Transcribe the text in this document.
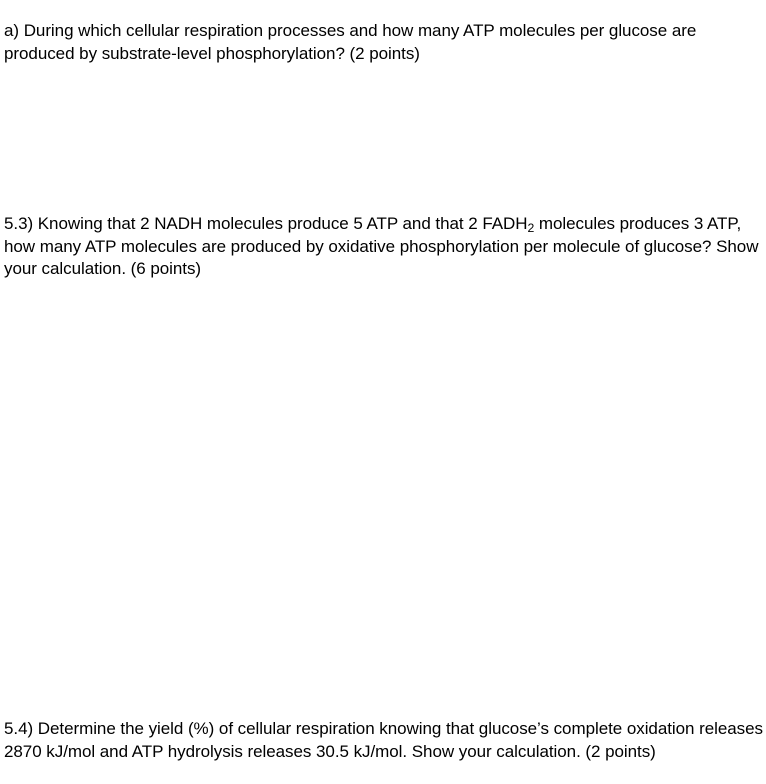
a) During which cellular respiration processes and how many ATP molecules per glucose are produced by substrate-level phosphorylation? (2 points)

5.3) Knowing that 2 NADH molecules produce 5 ATP and that 2 $FADH_2$ molecules produces 3 ATP, how many ATP molecules are produced by oxidative phosphorylation per molecule of glucose? Show your calculation. (6 points)

5.4) Determine the yield (%) of cellular respiration knowing that glucose’s complete oxidation releases 2870 kJ/mol and ATP hydrolysis releases 30.5 kJ/mol. Show your calculation. (2 points)
